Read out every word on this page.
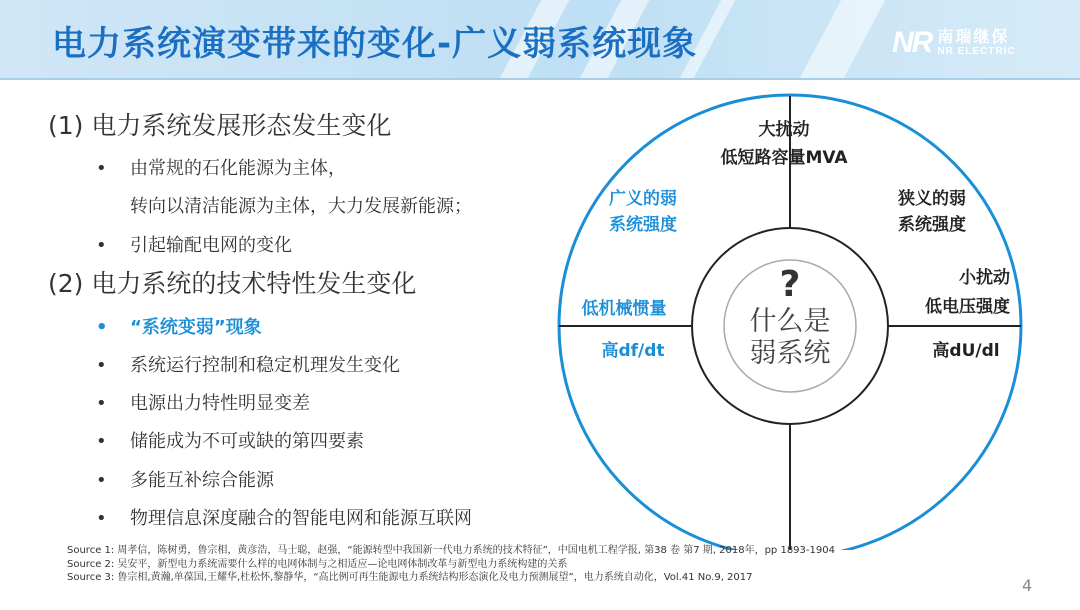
电力系统演变带来的变化-广义弱系统现象	NR 南瑞继保
NR ELECTRIC
(1) 电力系统发展形态发生变化
• 由常规的石化能源为主体，
转向以清洁能源为主体，大力发展新能源；
• 引起输配电网的变化
(2) 电力系统的技术特性发生变化
• “系统变弱”现象
• 系统运行控制和稳定机理发生变化
• 电源出力特性明显变差
• 储能成为不可或缺的第四要素
• 多能互补综合能源
• 物理信息深度融合的智能电网和能源互联网
?
什么是
弱系统
大扰动
低短路容量MVA
广义的弱
系统强度
狭义的弱
系统强度
小扰动
低电压强度
低机械惯量
高df/dt	高dU/dl
Source 1: 周孝信，陈树勇，鲁宗相，黄彦浩，马士聪，赵强，“能源转型中我国新一代电力系统的技术特征”，中国电机工程学报, 第38 卷 第7 期, 2018年，pp 1893-1904
Source 2: 吴安平，新型电力系统需要什么样的电网体制与之相适应—论电网体制改革与新型电力系统构建的关系
Source 3: 鲁宗相,黄瀚,单葆国,王耀华,杜松怀,黎静华，“高比例可再生能源电力系统结构形态演化及电力预测展望”，电力系统自动化，Vol.41 No.9, 2017	4
